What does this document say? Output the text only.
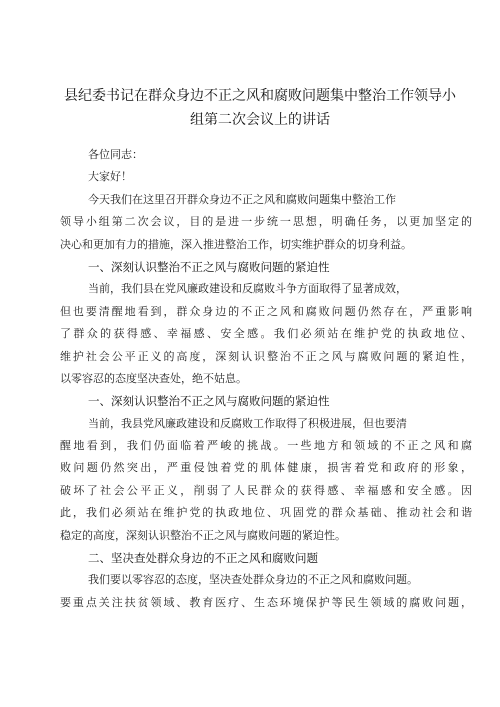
县纪委书记在群众身边不正之风和腐败问题集中整治工作领导小
组第二次会议上的讲话
各位同志：
大家好！
今天我们在这里召开群众身边不正之风和腐败问题集中整治工作
领导小组第二次会议，目的是进一步统一思想，明确任务，以更加坚定的
决心和更加有力的措施，深入推进整治工作，切实维护群众的切身利益。
一、深刻认识整治不正之风与腐败问题的紧迫性
当前，我们县在党风廉政建设和反腐败斗争方面取得了显著成效，
但也要清醒地看到，群众身边的不正之风和腐败问题仍然存在，严重影响
了群众的获得感、幸福感、安全感。我们必须站在维护党的执政地位、
维护社会公平正义的高度，深刻认识整治不正之风与腐败问题的紧迫性，
以零容忍的态度坚决查处，绝不姑息。
一、深刻认识整治不正之风与腐败问题的紧迫性
当前，我县党风廉政建设和反腐败工作取得了积极进展，但也要清
醒地看到，我们仍面临着严峻的挑战。一些地方和领域的不正之风和腐
败问题仍然突出，严重侵蚀着党的肌体健康，损害着党和政府的形象，
破坏了社会公平正义，削弱了人民群众的获得感、幸福感和安全感。因
此，我们必须站在维护党的执政地位、巩固党的群众基础、推动社会和谐
稳定的高度，深刻认识整治不正之风与腐败问题的紧迫性。
二、坚决查处群众身边的不正之风和腐败问题
我们要以零容忍的态度，坚决查处群众身边的不正之风和腐败问题。
要重点关注扶贫领域、教育医疗、生态环境保护等民生领域的腐败问题，
